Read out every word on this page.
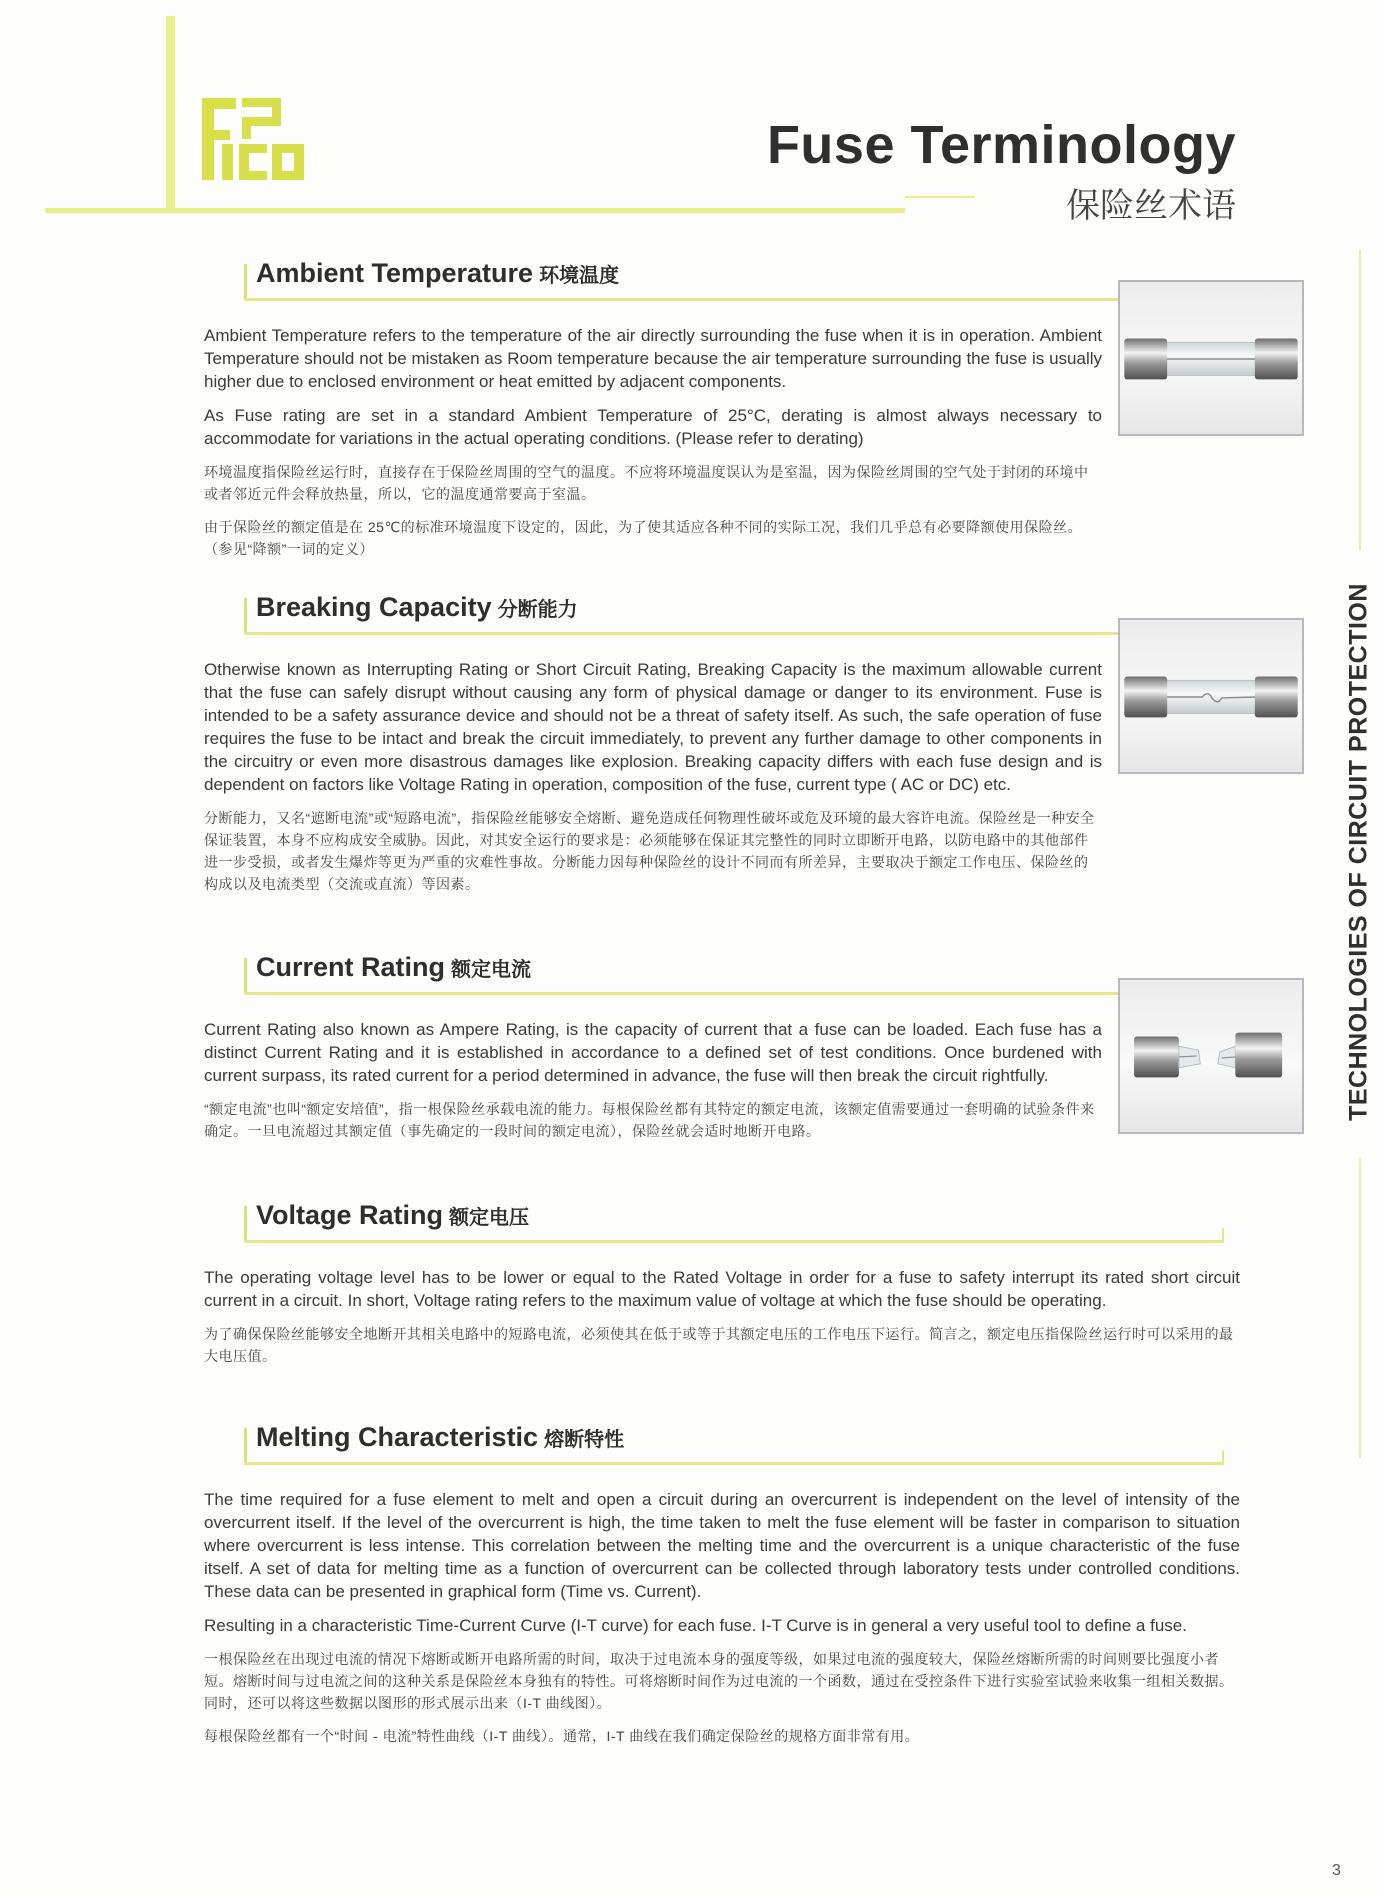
Fuse Terminology
保险丝术语
TECHNOLOGIES OF CIRCUIT PROTECTION
Ambient Temperature 环境温度

Ambient Temperature refers to the temperature of the air directly surrounding the fuse when it is in operation. Ambient Temperature should not be mistaken as Room temperature because the air temperature surrounding the fuse is usually higher due to enclosed environment or heat emitted by adjacent components.

As Fuse rating are set in a standard Ambient Temperature of 25°C, derating is almost always necessary to accommodate for variations in the actual operating conditions. (Please refer to derating)

环境温度指保险丝运行时，直接存在于保险丝周围的空气的温度。不应将环境温度误认为是室温，因为保险丝周围的空气处于封闭的环境中或者邻近元件会释放热量，所以，它的温度通常要高于室温。

由于保险丝的额定值是在 25℃的标准环境温度下设定的，因此，为了使其适应各种不同的实际工况，我们几乎总有必要降额使用保险丝。（参见“降额”一词的定义）

Breaking Capacity 分断能力

Otherwise known as Interrupting Rating or Short Circuit Rating, Breaking Capacity is the maximum allowable current that the fuse can safely disrupt without causing any form of physical damage or danger to its environment. Fuse is intended to be a safety assurance device and should not be a threat of safety itself. As such, the safe operation of fuse requires the fuse to be intact and break the circuit immediately, to prevent any further damage to other components in the circuitry or even more disastrous damages like explosion. Breaking capacity differs with each fuse design and is dependent on factors like Voltage Rating in operation, composition of the fuse, current type ( AC or DC) etc.

分断能力，又名“遮断电流”或“短路电流”，指保险丝能够安全熔断、避免造成任何物理性破坏或危及环境的最大容许电流。保险丝是一种安全保证装置，本身不应构成安全威胁。因此，对其安全运行的要求是：必须能够在保证其完整性的同时立即断开电路，以防电路中的其他部件进一步受损，或者发生爆炸等更为严重的灾难性事故。分断能力因每种保险丝的设计不同而有所差异，主要取决于额定工作电压、保险丝的构成以及电流类型（交流或直流）等因素。

Current Rating 额定电流

Current Rating also known as Ampere Rating, is the capacity of current that a fuse can be loaded. Each fuse has a distinct Current Rating and it is established in accordance to a defined set of test conditions. Once burdened with current surpass, its rated current for a period determined in advance, the fuse will then break the circuit rightfully.

“额定电流”也叫“额定安培值”，指一根保险丝承载电流的能力。每根保险丝都有其特定的额定电流，该额定值需要通过一套明确的试验条件来确定。一旦电流超过其额定值（事先确定的一段时间的额定电流），保险丝就会适时地断开电路。

Voltage Rating 额定电压

The operating voltage level has to be lower or equal to the Rated Voltage in order for a fuse to safety interrupt its rated short circuit current in a circuit. In short, Voltage rating refers to the maximum value of voltage at which the fuse should be operating.

为了确保保险丝能够安全地断开其相关电路中的短路电流，必须使其在低于或等于其额定电压的工作电压下运行。简言之，额定电压指保险丝运行时可以采用的最大电压值。

Melting Characteristic 熔断特性

The time required for a fuse element to melt and open a circuit during an overcurrent is independent on the level of intensity of the overcurrent itself. If the level of the overcurrent is high, the time taken to melt the fuse element will be faster in comparison to situation where overcurrent is less intense. This correlation between the melting time and the overcurrent is a unique characteristic of the fuse itself. A set of data for melting time as a function of overcurrent can be collected through laboratory tests under controlled conditions. These data can be presented in graphical form (Time vs. Current).

Resulting in a characteristic Time-Current Curve (I-T curve) for each fuse. I-T Curve is in general a very useful tool to define a fuse.

一根保险丝在出现过电流的情况下熔断或断开电路所需的时间，取决于过电流本身的强度等级，如果过电流的强度较大，保险丝熔断所需的时间则要比强度小者短。熔断时间与过电流之间的这种关系是保险丝本身独有的特性。可将熔断时间作为过电流的一个函数，通过在受控条件下进行实验室试验来收集一组相关数据。同时，还可以将这些数据以图形的形式展示出来（I-T 曲线图）。

每根保险丝都有一个“时间 - 电流”特性曲线（I-T 曲线）。通常，I-T 曲线在我们确定保险丝的规格方面非常有用。

3
